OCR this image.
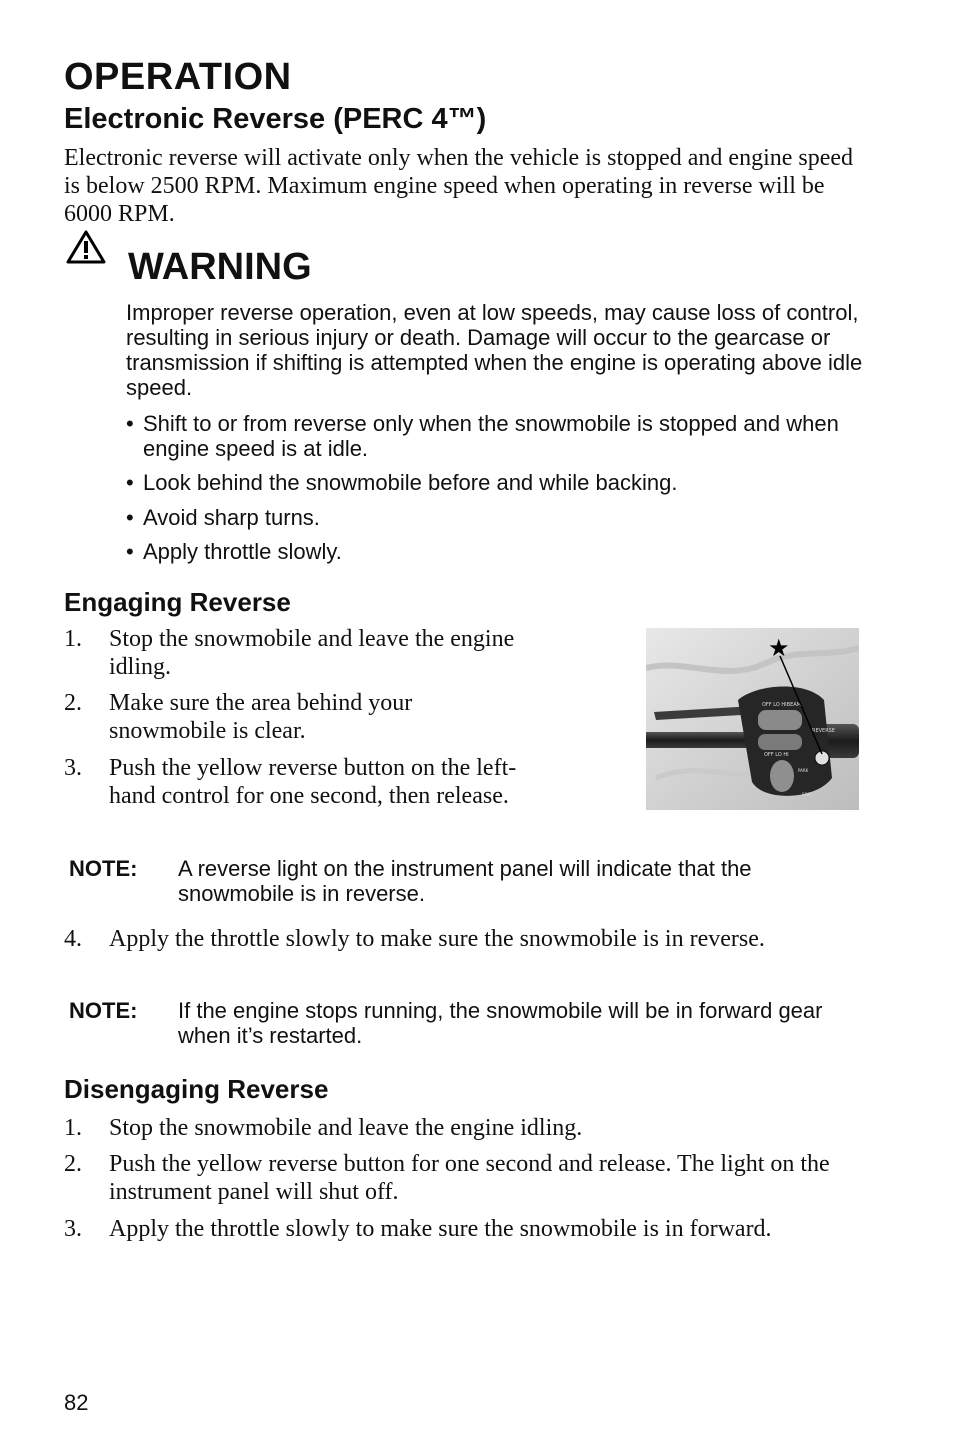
OPERATION
Electronic Reverse (PERC 4™)
Electronic reverse will activate only when the vehicle is stopped and engine speed is below 2500 RPM. Maximum engine speed when operating in reverse will be 6000 RPM.
WARNING
Improper reverse operation, even at low speeds, may cause loss of control, resulting in serious injury or death. Damage will occur to the gearcase or transmission if shifting is attempted when the engine is operating above idle speed.
• Shift to or from reverse only when the snowmobile is stopped and when engine speed is at idle.
• Look behind the snowmobile before and while backing.
• Avoid sharp turns.
• Apply throttle slowly.
Engaging Reverse
1. Stop the snowmobile and leave the engine idling.
2. Make sure the area behind your snowmobile is clear.
3. Push the yellow reverse button on the left-hand control for one second, then release.
OFF LO HIBEAM
OFF LO HI
REVERSE
PARK
SOFT
★
NOTE: A reverse light on the instrument panel will indicate that the snowmobile is in reverse.
4. Apply the throttle slowly to make sure the snowmobile is in reverse.
NOTE: If the engine stops running, the snowmobile will be in forward gear when it’s restarted.
Disengaging Reverse
1. Stop the snowmobile and leave the engine idling.
2. Push the yellow reverse button for one second and release. The light on the instrument panel will shut off.
3. Apply the throttle slowly to make sure the snowmobile is in forward.
82
